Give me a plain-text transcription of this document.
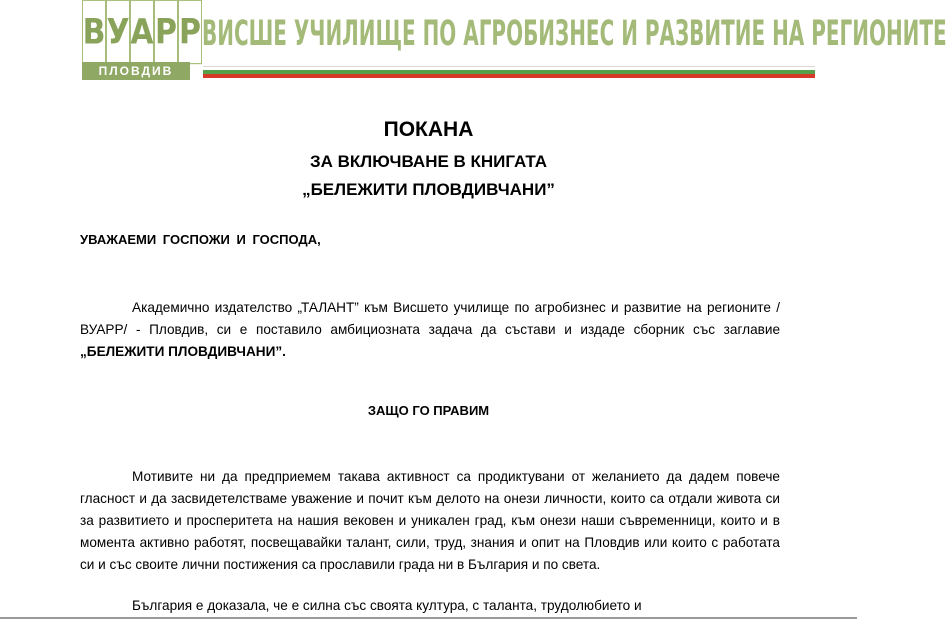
В У А Р Р
ПЛОВДИВ
ВИСШЕ УЧИЛИЩЕ ПО АГРОБИЗНЕС И РАЗВИТИЕ НА РЕГИОНИТЕ
ПОКАНА
ЗА ВКЛЮЧВАНЕ В КНИГАТА
„БЕЛЕЖИТИ ПЛОВДИВЧАНИ”
УВАЖАЕМИ ГОСПОЖИ И ГОСПОДА,

Академично издателство „ТАЛАНТ” към Висшето училище по агробизнес и развитие на регионите /ВУАРР/ - Пловдив, си е поставило амбициозната задача да състави и издаде сборник със заглавие „БЕЛЕЖИТИ ПЛОВДИВЧАНИ”.

ЗАЩО ГО ПРАВИМ

Мотивите ни да предприемем такава активност са продиктувани от желанието да дадем повече гласност и да засвидетелстваме уважение и почит към делото на онези личности, които са отдали живота си за развитието и просперитета на нашия вековен и уникален град, към онези наши съвременници, които и в момента активно работят, посвещавайки талант, сили, труд, знания и опит на Пловдив или които с работата си и със своите лични постижения са прославили града ни в България и по света.

България е доказала, че е силна със своята култура, с таланта, трудолюбието и
